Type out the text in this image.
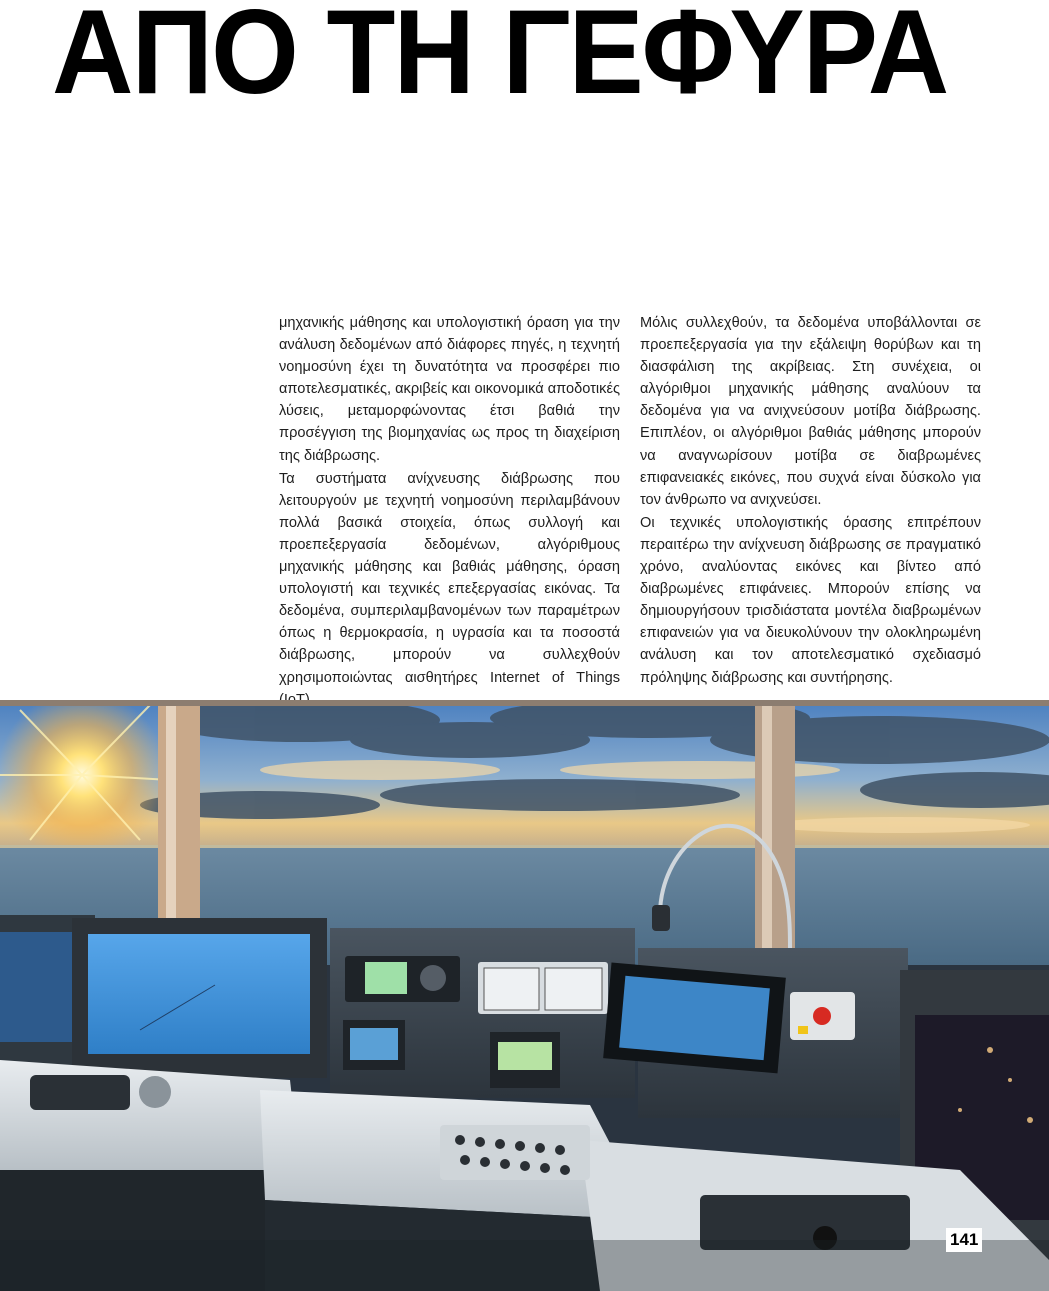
ΑΠΟ ΤΗ ΓΕΦΥΡΑ

μηχανικής μάθησης και υπολογιστική όραση για την ανάλυση δεδομένων από διάφορες πηγές, η τεχνητή νοημοσύνη έχει τη δυνατότητα να προσφέρει πιο αποτελεσματικές, ακριβείς και οικονομικά αποδοτικές λύσεις, μεταμορφώνοντας έτσι βαθιά την προσέγγιση της βιομηχανίας ως προς τη διαχείριση της διάβρωσης.

Τα συστήματα ανίχνευσης διάβρωσης που λειτουργούν με τεχνητή νοημοσύνη περιλαμβάνουν πολλά βασικά στοιχεία, όπως συλλογή και προεπεξεργασία δεδομένων, αλγόριθμους μηχανικής μάθησης και βαθιάς μάθησης, όραση υπολογιστή και τεχνικές επεξεργασίας εικόνας. Τα δεδομένα, συμπεριλαμβανομένων των παραμέτρων όπως η θερμοκρασία, η υγρασία και τα ποσοστά διάβρωσης, μπορούν να συλλεχθούν χρησιμοποιώντας αισθητήρες Internet of Things

Μόλις συλλεχθούν, τα δεδομένα υποβάλλονται σε προεπεξεργασία για την εξάλειψη θορύβων και τη διασφάλιση της ακρίβειας. Στη συνέχεια, οι αλγόριθμοι μηχανικής μάθησης αναλύουν τα δεδομένα για να ανιχνεύσουν μοτίβα διάβρωσης. Επιπλέον, οι αλγόριθμοι βαθιάς μάθησης μπορούν να αναγνωρίσουν μοτίβα σε διαβρωμένες επιφανειακές εικόνες, που συχνά είναι δύσκολο για τον άνθρωπο να ανιχνεύσει.

Οι τεχνικές υπολογιστικής όρασης επιτρέπουν περαιτέρω την ανίχνευση διάβρωσης σε πραγματικό χρόνο, αναλύοντας εικόνες και βίντεο από διαβρωμένες επιφάνειες. Μπορούν επίσης να δημιουργήσουν τρισδιάστατα μοντέλα διαβρωμένων επιφανειών για να διευκολύνουν την ολοκληρωμένη ανάλυση και τον αποτελεσματικό σχεδιασμό πρόληψης διάβρωσης και συντήρησης.

141
